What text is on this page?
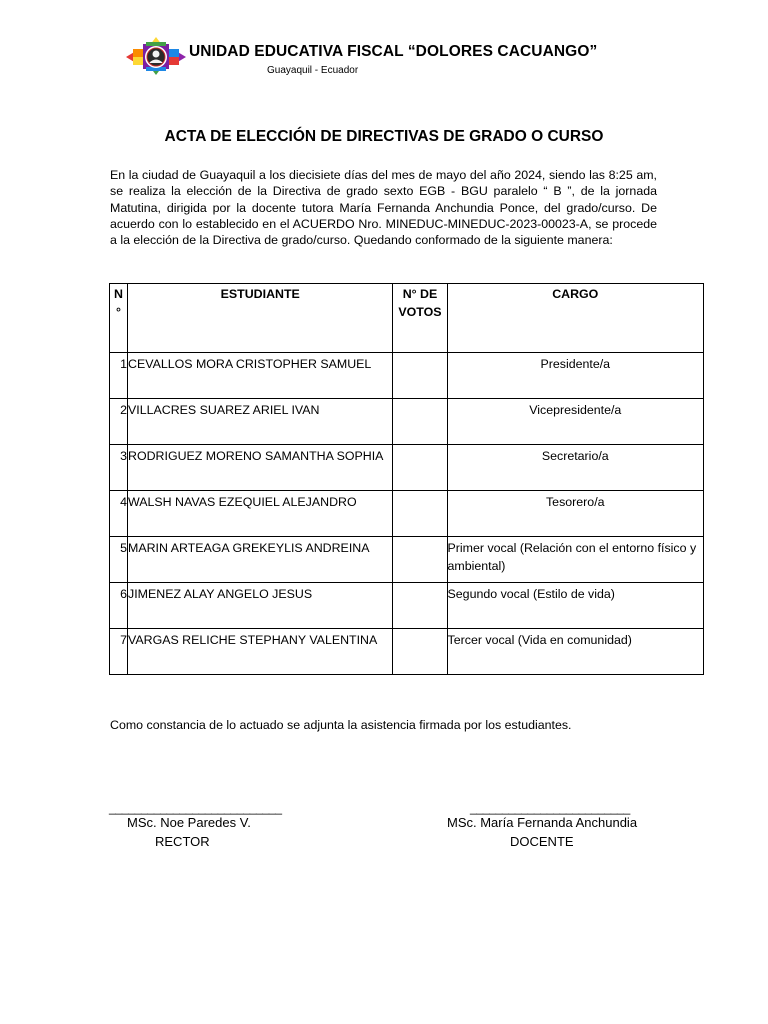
UNIDAD EDUCATIVA FISCAL “DOLORES CACUANGO”
Guayaquil - Ecuador
ACTA DE ELECCIÓN DE DIRECTIVAS DE GRADO O CURSO

En la ciudad de Guayaquil a los diecisiete días del mes de mayo del año 2024, siendo las 8:25 am, se realiza la elección de la Directiva de grado sexto EGB - BGU paralelo “ B ”, de la jornada Matutina, dirigida por la docente tutora María Fernanda Anchundia Ponce, del grado/curso. De acuerdo con lo establecido en el ACUERDO Nro. MINEDUC-MINEDUC-2023-00023-A, se procede a la elección de la Directiva de grado/curso. Quedando conformado de la siguiente manera:

N °	ESTUDIANTE	N° DE VOTOS	CARGO
1	CEVALLOS MORA CRISTOPHER SAMUEL		Presidente/a
2	VILLACRES SUAREZ ARIEL IVAN		Vicepresidente/a
3	RODRIGUEZ MORENO SAMANTHA SOPHIA		Secretario/a
4	WALSH NAVAS EZEQUIEL ALEJANDRO		Tesorero/a
5	MARIN ARTEAGA GREKEYLIS ANDREINA		Primer vocal (Relación con el entorno físico y ambiental)
6	JIMENEZ ALAY ANGELO JESUS		Segundo vocal (Estilo de vida)
7	VARGAS RELICHE STEPHANY VALENTINA		Tercer vocal (Vida en comunidad)
Como constancia de lo actuado se adjunta la asistencia firmada por los estudiantes.
___________________________
MSc. Noe Paredes V.
RECTOR
_________________________
MSc. María Fernanda Anchundia
DOCENTE
